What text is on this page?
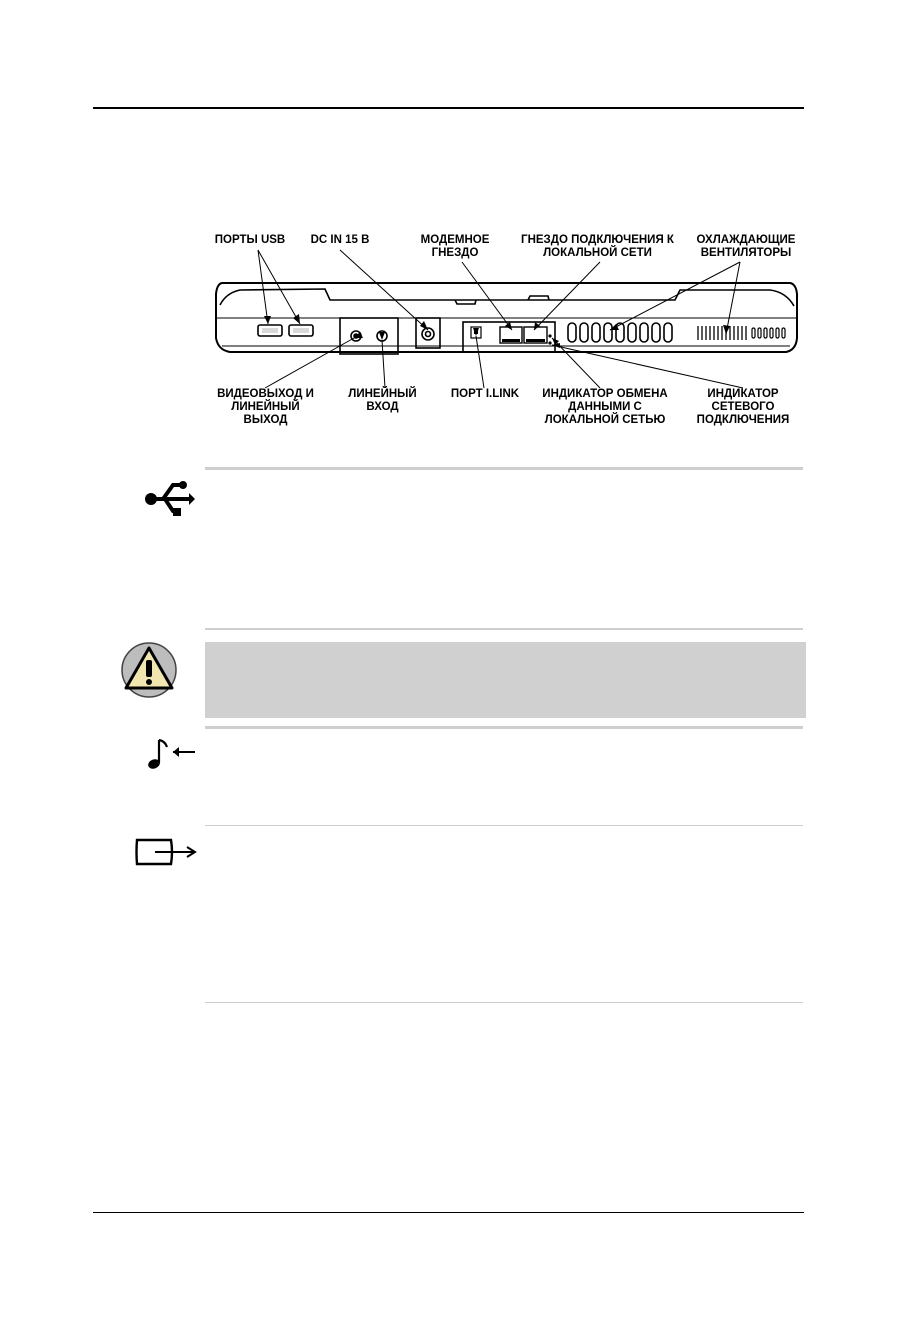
ПОРТЫ USB	DC IN 15 В	МОДЕМНОЕ
ГНЕЗДО
ГНЕЗДО ПОДКЛЮЧЕНИЯ К
ЛОКАЛЬНОЙ СЕТИ
ОХЛАЖДАЮЩИЕ
ВЕНТИЛЯТОРЫ
ВИДЕОВЫХОД И
ЛИНЕЙНЫЙ
ВЫХОД
ЛИНЕЙНЫЙ
ВХОД
ПОРТ I.LINK	ИНДИКАТОР ОБМЕНА
ДАННЫМИ С
ЛОКАЛЬНОЙ СЕТЬЮ
ИНДИКАТОР
СЕТЕВОГО
ПОДКЛЮЧЕНИЯ
